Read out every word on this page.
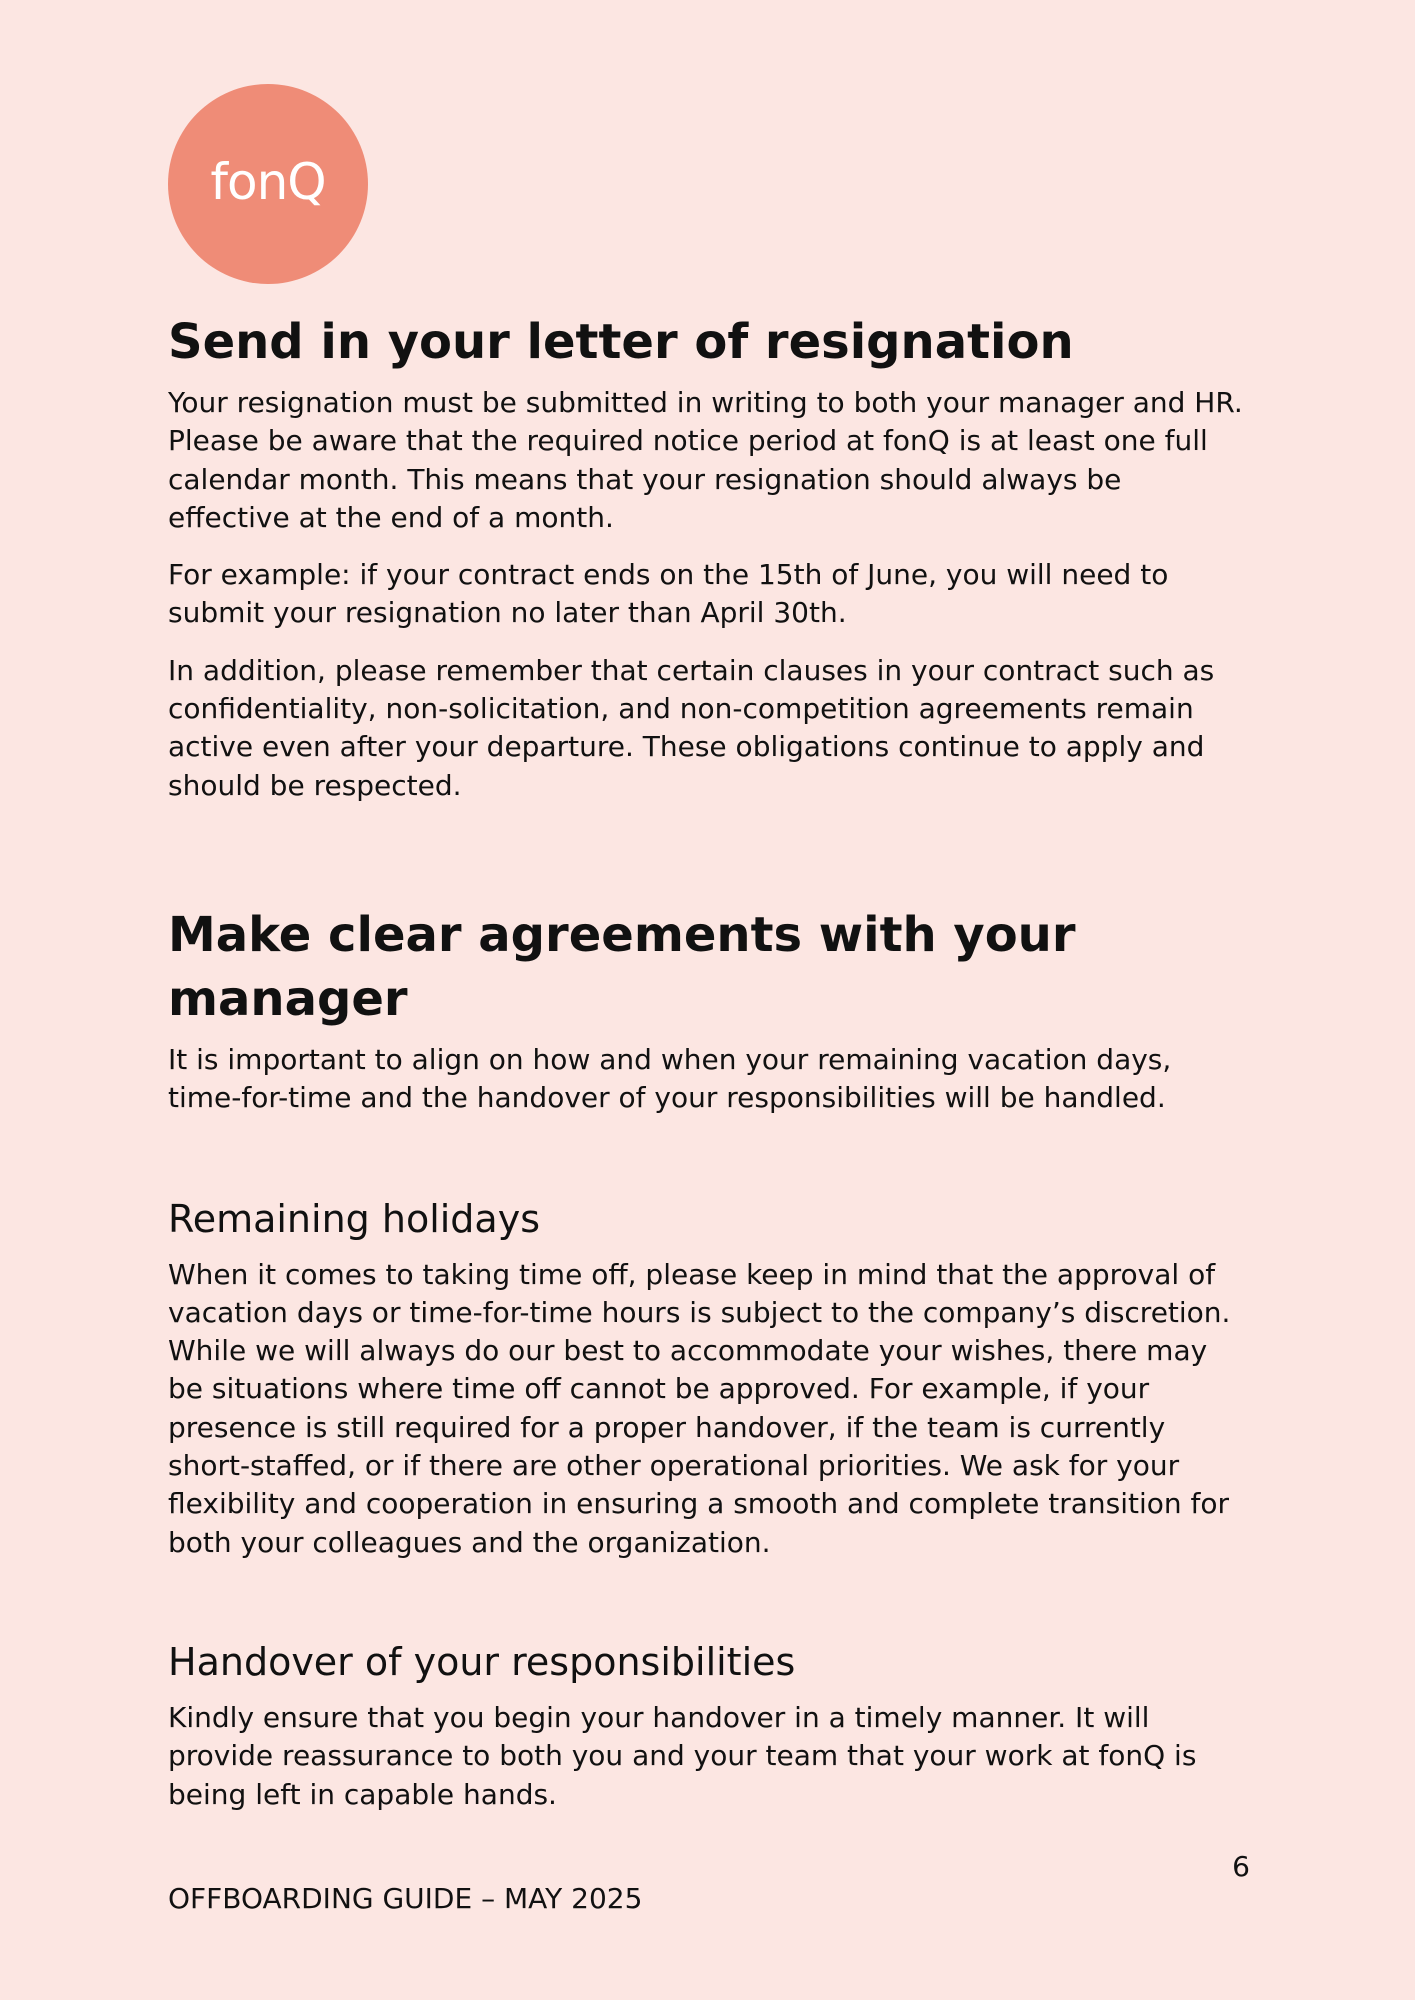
fonQ
Send in your letter of resignation

Your resignation must be submitted in writing to both your manager and HR. Please be aware that the required notice period at fonQ is at least one full calendar month. This means that your resignation should always be effective at the end of a month.

For example: if your contract ends on the 15th of June, you will need to submit your resignation no later than April 30th.

In addition, please remember that certain clauses in your contract such as confidentiality, non-solicitation, and non-competition agreements remain active even after your departure. These obligations continue to apply and should be respected.

Make clear agreements with your manager

It is important to align on how and when your remaining vacation days, time-for-time and the handover of your responsibilities will be handled.

Remaining holidays

When it comes to taking time off, please keep in mind that the approval of vacation days or time-for-time hours is subject to the company’s discretion. While we will always do our best to accommodate your wishes, there may be situations where time off cannot be approved. For example, if your presence is still required for a proper handover, if the team is currently short-staffed, or if there are other operational priorities. We ask for your flexibility and cooperation in ensuring a smooth and complete transition for both your colleagues and the organization.

Handover of your responsibilities

Kindly ensure that you begin your handover in a timely manner. It will provide reassurance to both you and your team that your work at fonQ is being left in capable hands.

6
OFFBOARDING GUIDE – MAY 2025
